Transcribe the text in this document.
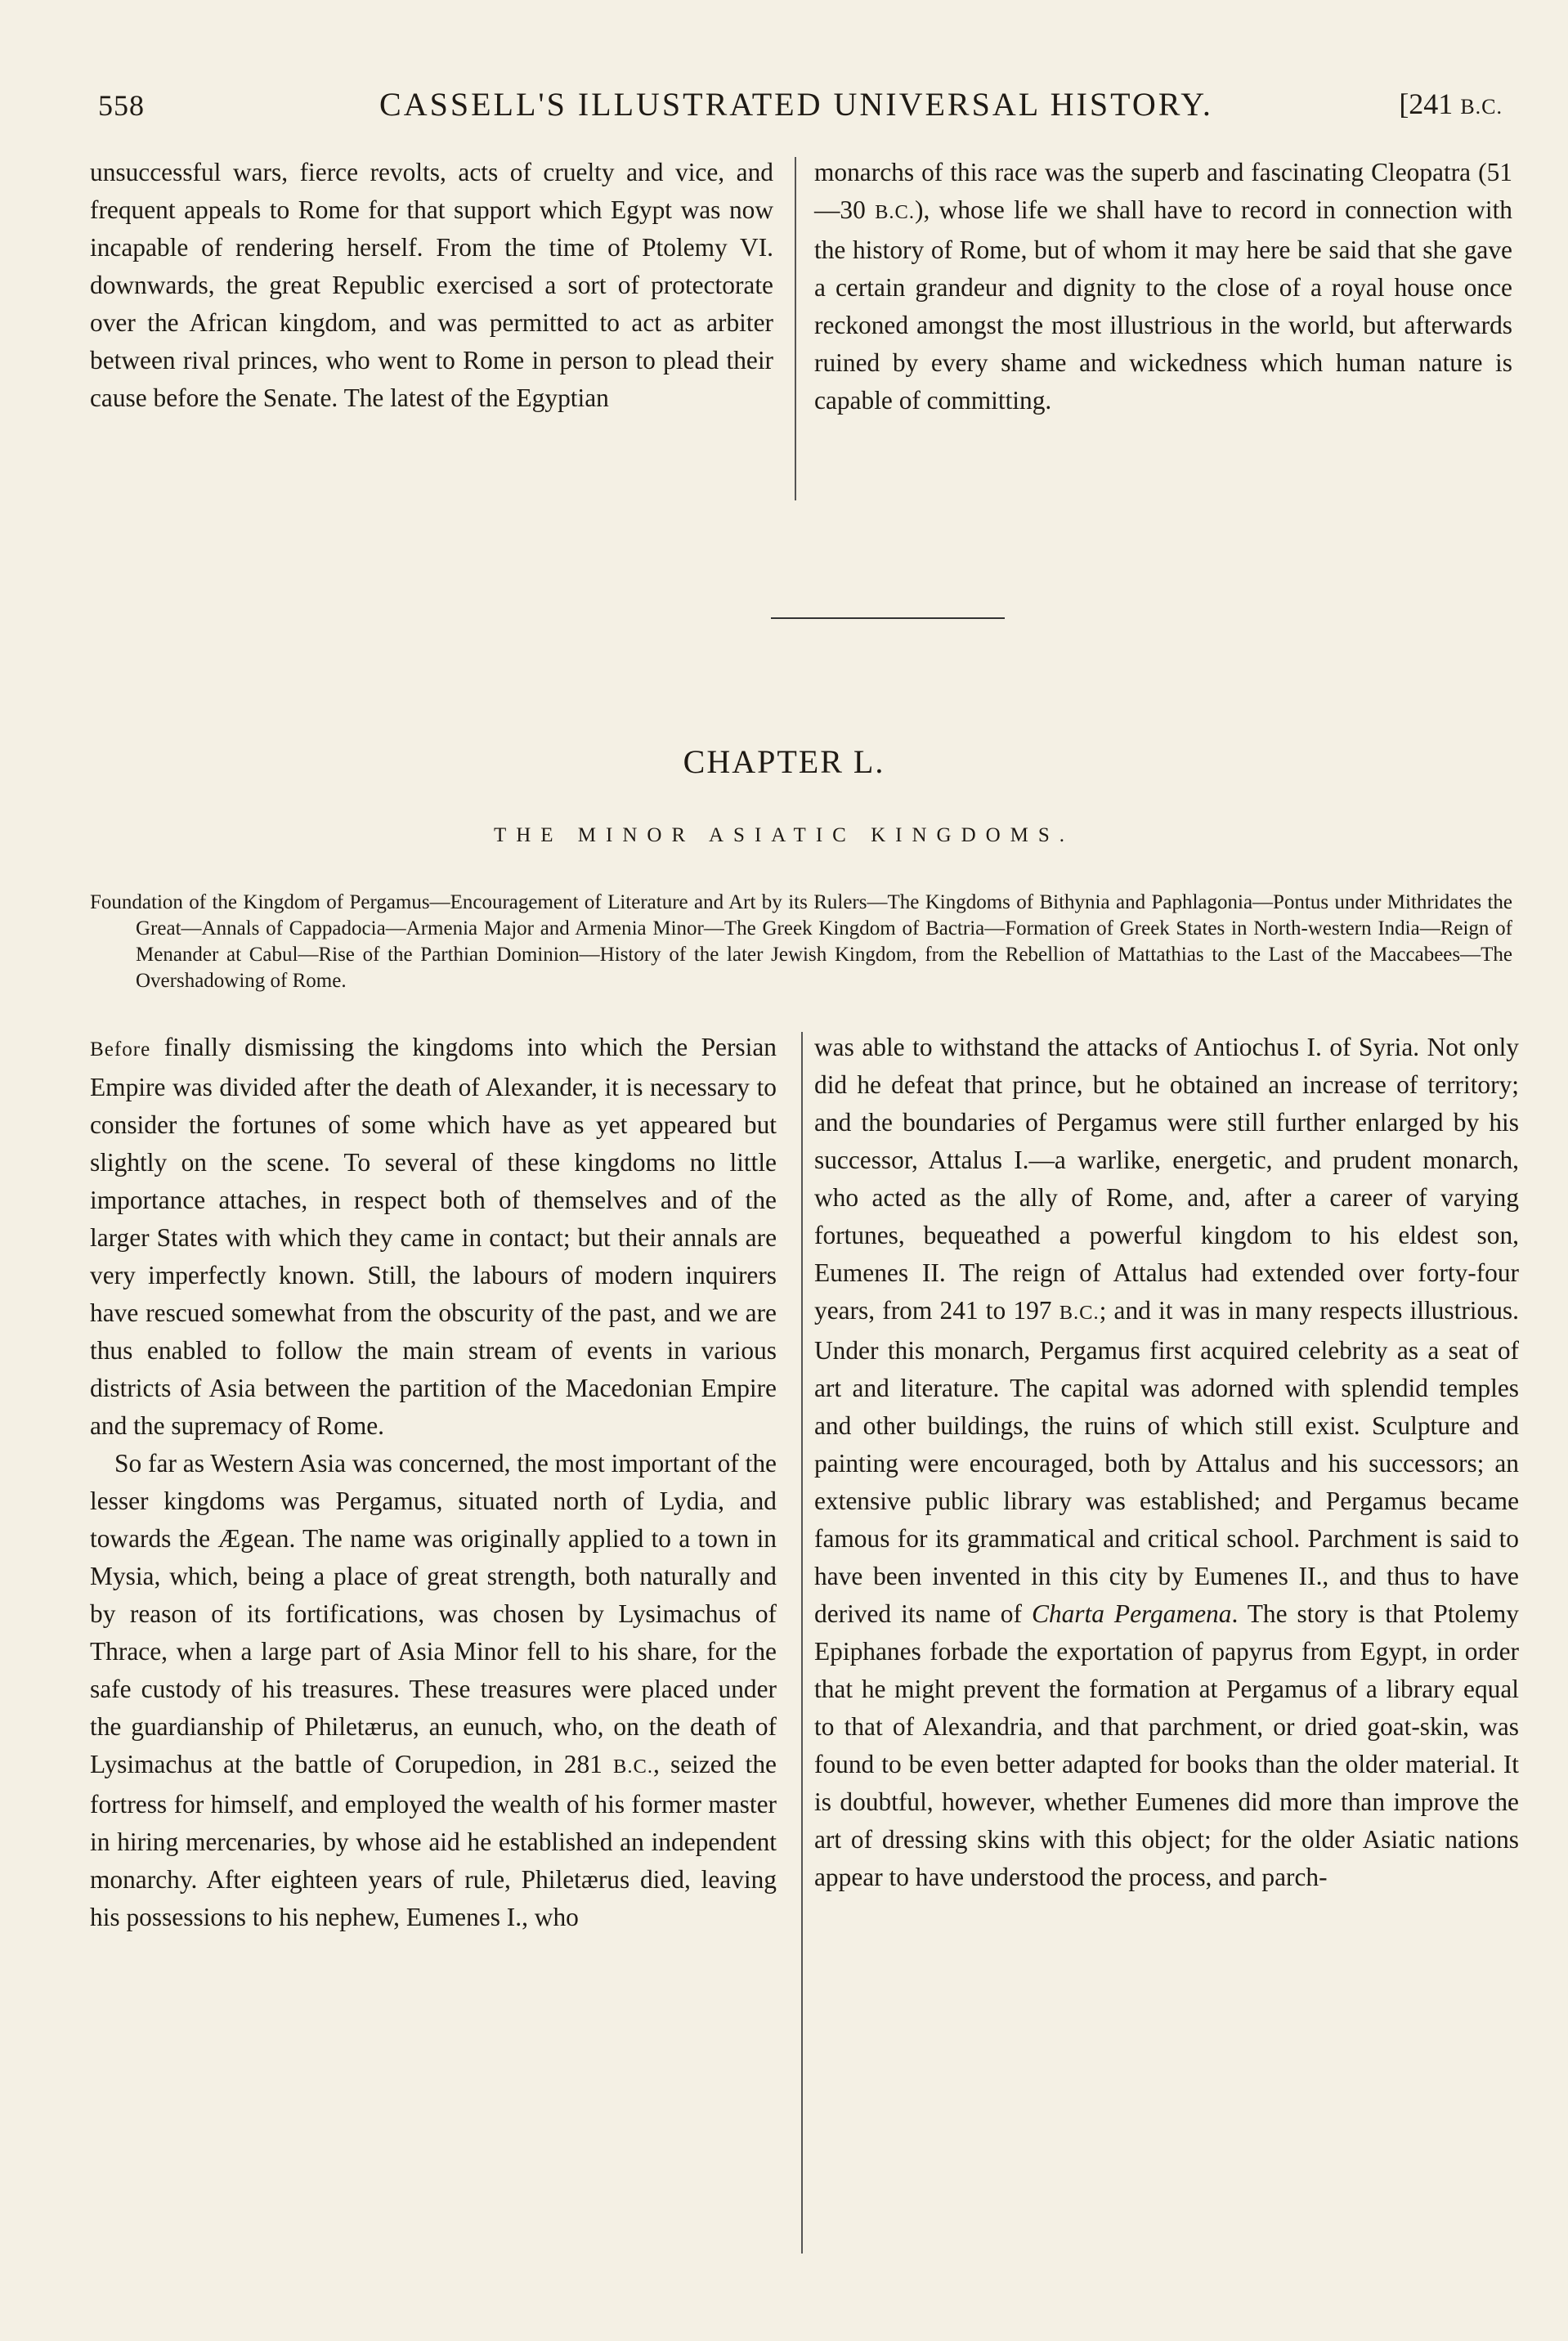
558	CASSELL'S ILLUSTRATED UNIVERSAL HISTORY.	[241 B.C.

unsuccessful wars, fierce revolts, acts of cruelty and vice, and frequent appeals to Rome for that support which Egypt was now incapable of rendering herself. From the time of Ptolemy VI. downwards, the great Republic exercised a sort of protectorate over the African kingdom, and was permitted to act as arbiter between rival princes, who went to Rome in person to plead their cause before the Senate. The latest of the Egyptian

monarchs of this race was the superb and fascinating Cleopatra (51—30 B.C.), whose life we shall have to record in connection with the history of Rome, but of whom it may here be said that she gave a certain grandeur and dignity to the close of a royal house once reckoned amongst the most illustrious in the world, but afterwards ruined by every shame and wickedness which human nature is capable of committing.

CHAPTER L.
THE MINOR ASIATIC KINGDOMS.
Foundation of the Kingdom of Pergamus—Encouragement of Literature and Art by its Rulers—The Kingdoms of Bithynia and Paphlagonia—Pontus under Mithridates the Great—Annals of Cappadocia—Armenia Major and Armenia Minor—The Greek Kingdom of Bactria—Formation of Greek States in North-western India—Reign of Menander at Cabul—Rise of the Parthian Dominion—History of the later Jewish Kingdom, from the Rebellion of Mattathias to the Last of the Maccabees—The Overshadowing of Rome.

Before finally dismissing the kingdoms into which the Persian Empire was divided after the death of Alexander, it is necessary to consider the fortunes of some which have as yet appeared but slightly on the scene. To several of these kingdoms no little importance attaches, in respect both of themselves and of the larger States with which they came in contact; but their annals are very imperfectly known. Still, the labours of modern inquirers have rescued somewhat from the obscurity of the past, and we are thus enabled to follow the main stream of events in various districts of Asia between the partition of the Macedonian Empire and the supremacy of Rome.

So far as Western Asia was concerned, the most important of the lesser kingdoms was Pergamus, situated north of Lydia, and towards the Ægean. The name was originally applied to a town in Mysia, which, being a place of great strength, both naturally and by reason of its fortifications, was chosen by Lysimachus of Thrace, when a large part of Asia Minor fell to his share, for the safe custody of his treasures. These treasures were placed under the guardianship of Philetærus, an eunuch, who, on the death of Lysimachus at the battle of Corupedion, in 281 B.C., seized the fortress for himself, and employed the wealth of his former master in hiring mercenaries, by whose aid he established an independent monarchy. After eighteen years of rule, Philetærus died, leaving his possessions to his nephew, Eumenes I., who

was able to withstand the attacks of Antiochus I. of Syria. Not only did he defeat that prince, but he obtained an increase of territory; and the boundaries of Pergamus were still further enlarged by his successor, Attalus I.—a warlike, energetic, and prudent monarch, who acted as the ally of Rome, and, after a career of varying fortunes, bequeathed a powerful kingdom to his eldest son, Eumenes II. The reign of Attalus had extended over forty-four years, from 241 to 197 B.C.; and it was in many respects illustrious. Under this monarch, Pergamus first acquired celebrity as a seat of art and literature. The capital was adorned with splendid temples and other buildings, the ruins of which still exist. Sculpture and painting were encouraged, both by Attalus and his successors; an extensive public library was established; and Pergamus became famous for its grammatical and critical school. Parchment is said to have been invented in this city by Eumenes II., and thus to have derived its name of Charta Pergamena. The story is that Ptolemy Epiphanes forbade the exportation of papyrus from Egypt, in order that he might prevent the formation at Pergamus of a library equal to that of Alexandria, and that parchment, or dried goat-skin, was found to be even better adapted for books than the older material. It is doubtful, however, whether Eumenes did more than improve the art of dressing skins with this object; for the older Asiatic nations appear to have understood the process, and parch-
